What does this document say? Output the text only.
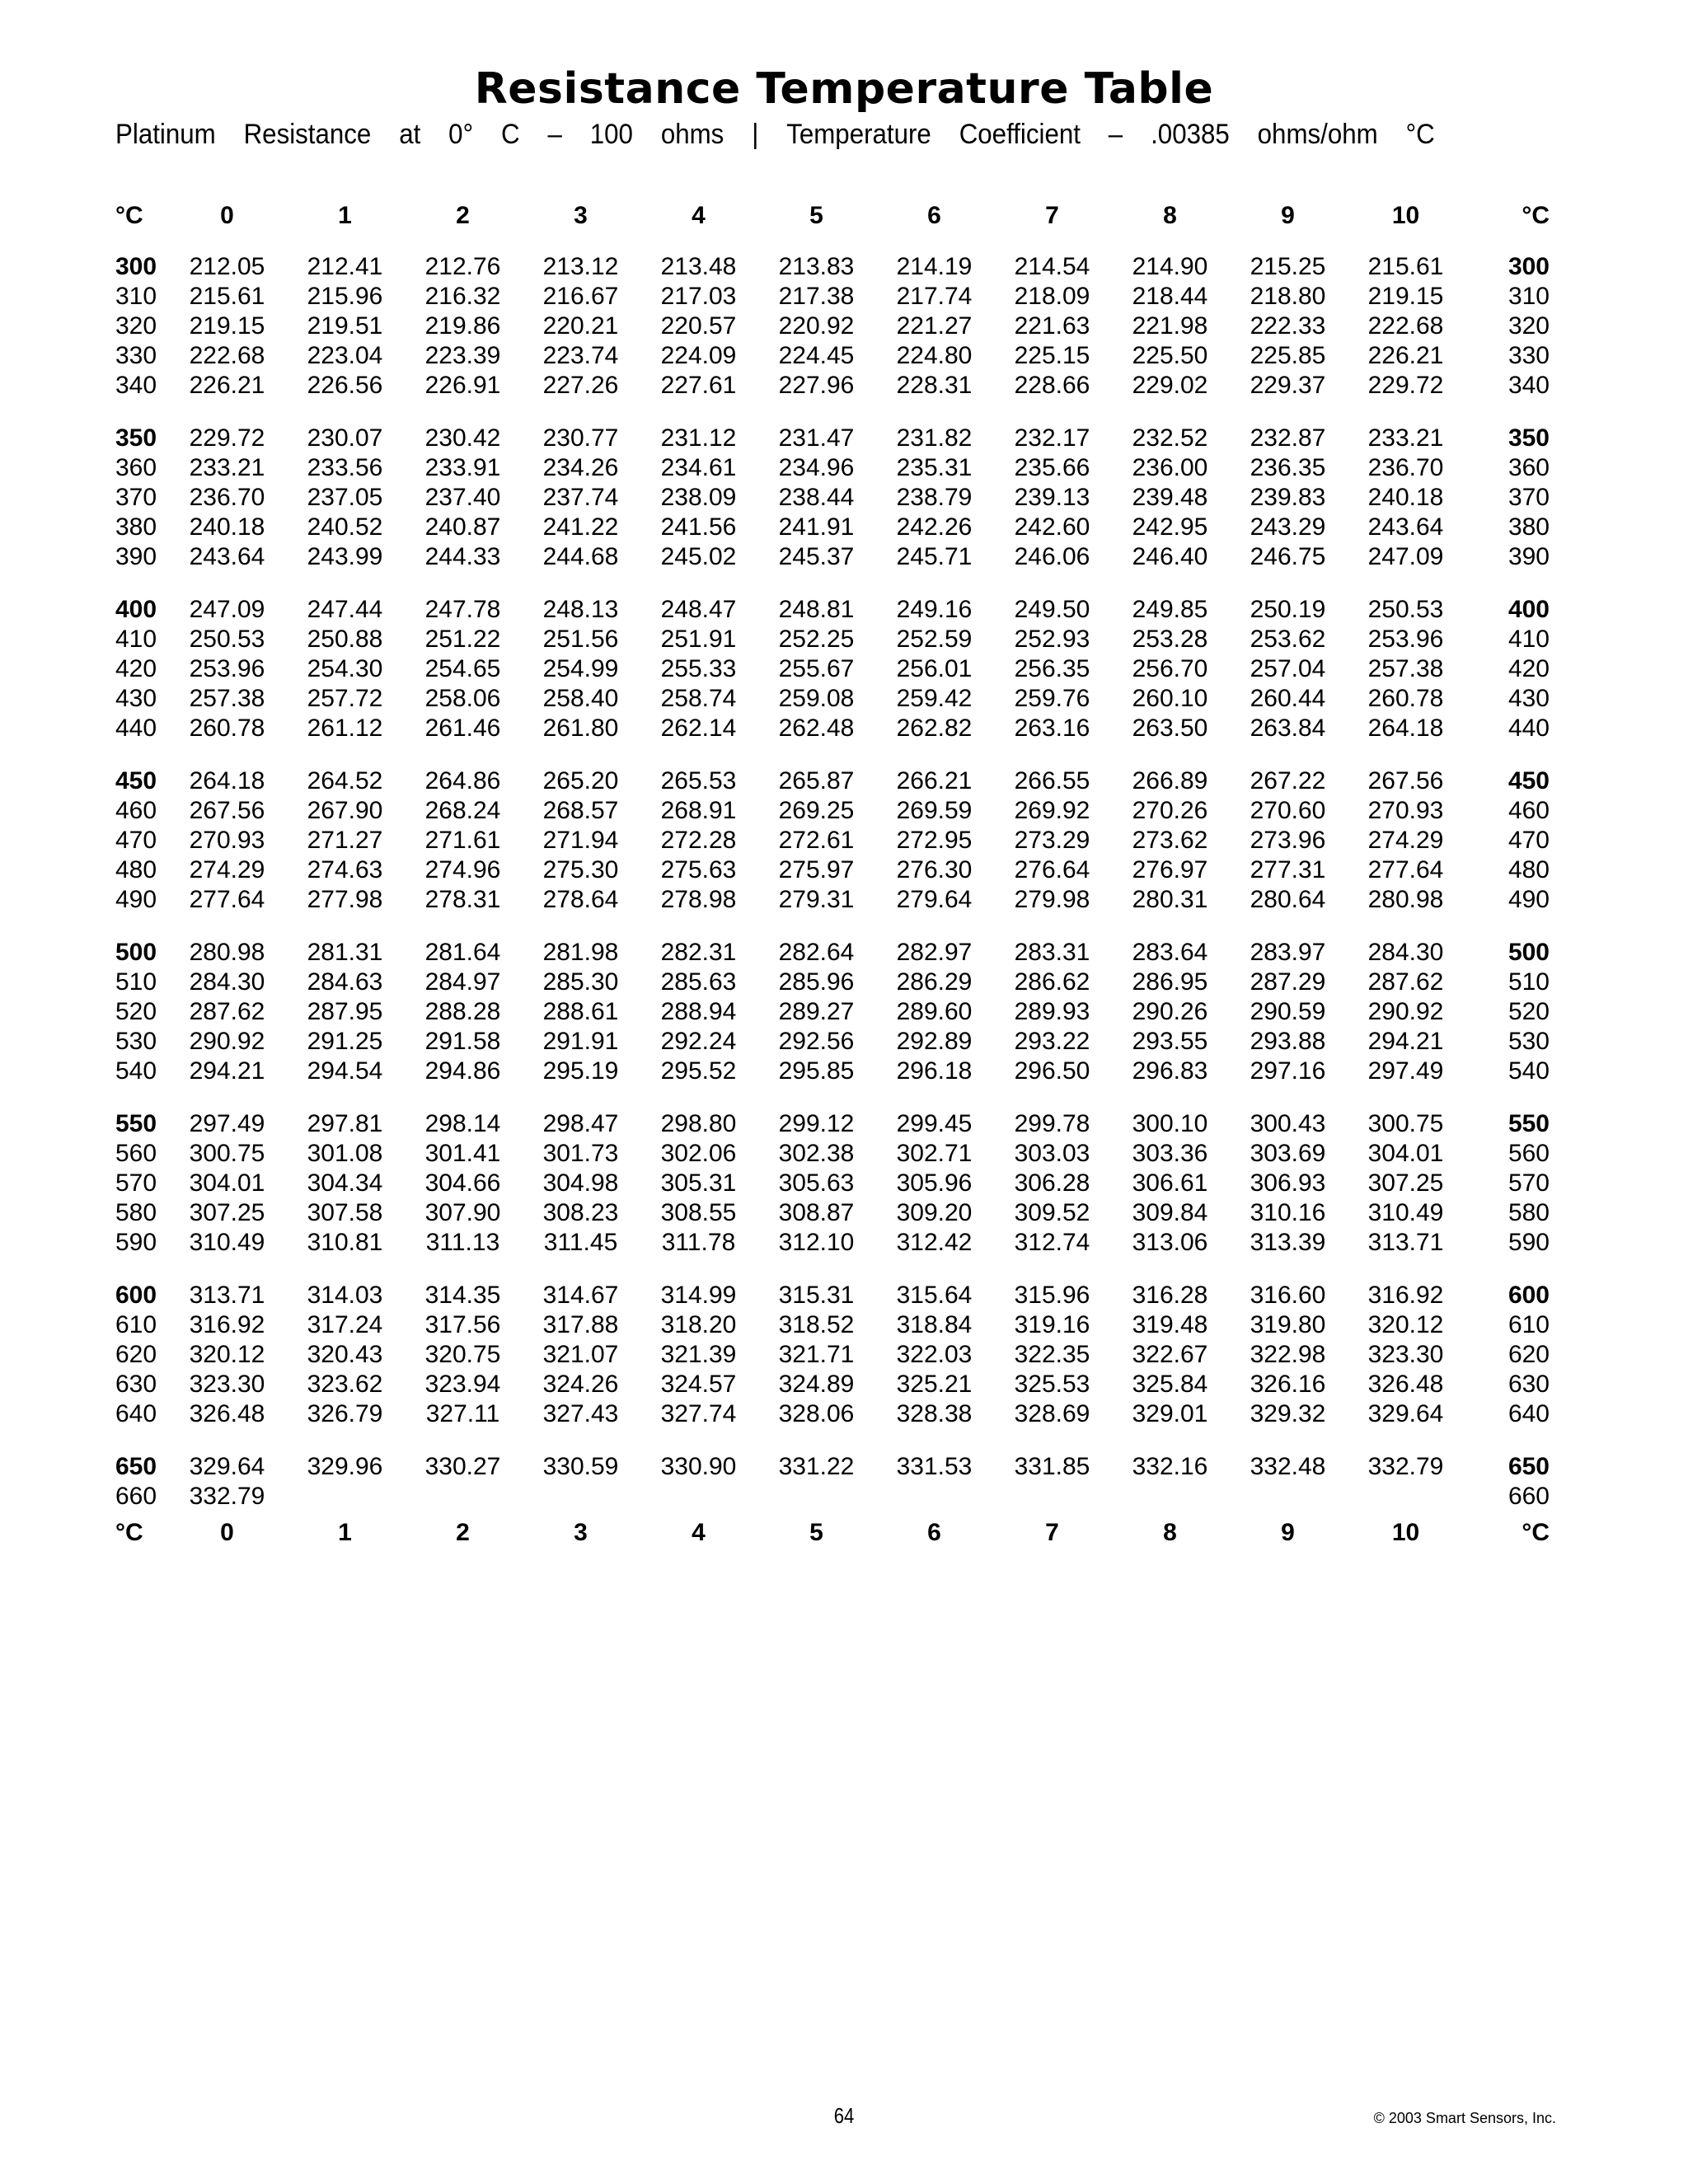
Resistance Temperature Table
Platinum Resistance at 0° C – 100 ohms | Temperature Coefficient – .00385 ohms/ohm °C
°C	0	1	2	3	4	5	6	7	8	9	10	°C

300	212.05	212.41	212.76	213.12	213.48	213.83	214.19	214.54	214.90	215.25	215.61	300
310	215.61	215.96	216.32	216.67	217.03	217.38	217.74	218.09	218.44	218.80	219.15	310
320	219.15	219.51	219.86	220.21	220.57	220.92	221.27	221.63	221.98	222.33	222.68	320
330	222.68	223.04	223.39	223.74	224.09	224.45	224.80	225.15	225.50	225.85	226.21	330
340	226.21	226.56	226.91	227.26	227.61	227.96	228.31	228.66	229.02	229.37	229.72	340

350	229.72	230.07	230.42	230.77	231.12	231.47	231.82	232.17	232.52	232.87	233.21	350
360	233.21	233.56	233.91	234.26	234.61	234.96	235.31	235.66	236.00	236.35	236.70	360
370	236.70	237.05	237.40	237.74	238.09	238.44	238.79	239.13	239.48	239.83	240.18	370
380	240.18	240.52	240.87	241.22	241.56	241.91	242.26	242.60	242.95	243.29	243.64	380
390	243.64	243.99	244.33	244.68	245.02	245.37	245.71	246.06	246.40	246.75	247.09	390

400	247.09	247.44	247.78	248.13	248.47	248.81	249.16	249.50	249.85	250.19	250.53	400
410	250.53	250.88	251.22	251.56	251.91	252.25	252.59	252.93	253.28	253.62	253.96	410
420	253.96	254.30	254.65	254.99	255.33	255.67	256.01	256.35	256.70	257.04	257.38	420
430	257.38	257.72	258.06	258.40	258.74	259.08	259.42	259.76	260.10	260.44	260.78	430
440	260.78	261.12	261.46	261.80	262.14	262.48	262.82	263.16	263.50	263.84	264.18	440

450	264.18	264.52	264.86	265.20	265.53	265.87	266.21	266.55	266.89	267.22	267.56	450
460	267.56	267.90	268.24	268.57	268.91	269.25	269.59	269.92	270.26	270.60	270.93	460
470	270.93	271.27	271.61	271.94	272.28	272.61	272.95	273.29	273.62	273.96	274.29	470
480	274.29	274.63	274.96	275.30	275.63	275.97	276.30	276.64	276.97	277.31	277.64	480
490	277.64	277.98	278.31	278.64	278.98	279.31	279.64	279.98	280.31	280.64	280.98	490

500	280.98	281.31	281.64	281.98	282.31	282.64	282.97	283.31	283.64	283.97	284.30	500
510	284.30	284.63	284.97	285.30	285.63	285.96	286.29	286.62	286.95	287.29	287.62	510
520	287.62	287.95	288.28	288.61	288.94	289.27	289.60	289.93	290.26	290.59	290.92	520
530	290.92	291.25	291.58	291.91	292.24	292.56	292.89	293.22	293.55	293.88	294.21	530
540	294.21	294.54	294.86	295.19	295.52	295.85	296.18	296.50	296.83	297.16	297.49	540

550	297.49	297.81	298.14	298.47	298.80	299.12	299.45	299.78	300.10	300.43	300.75	550
560	300.75	301.08	301.41	301.73	302.06	302.38	302.71	303.03	303.36	303.69	304.01	560
570	304.01	304.34	304.66	304.98	305.31	305.63	305.96	306.28	306.61	306.93	307.25	570
580	307.25	307.58	307.90	308.23	308.55	308.87	309.20	309.52	309.84	310.16	310.49	580
590	310.49	310.81	311.13	311.45	311.78	312.10	312.42	312.74	313.06	313.39	313.71	590

600	313.71	314.03	314.35	314.67	314.99	315.31	315.64	315.96	316.28	316.60	316.92	600
610	316.92	317.24	317.56	317.88	318.20	318.52	318.84	319.16	319.48	319.80	320.12	610
620	320.12	320.43	320.75	321.07	321.39	321.71	322.03	322.35	322.67	322.98	323.30	620
630	323.30	323.62	323.94	324.26	324.57	324.89	325.21	325.53	325.84	326.16	326.48	630
640	326.48	326.79	327.11	327.43	327.74	328.06	328.38	328.69	329.01	329.32	329.64	640

650	329.64	329.96	330.27	330.59	330.90	331.22	331.53	331.85	332.16	332.48	332.79	650
660	332.79											660

°C	0	1	2	3	4	5	6	7	8	9	10	°C
64	© 2003 Smart Sensors, Inc.
